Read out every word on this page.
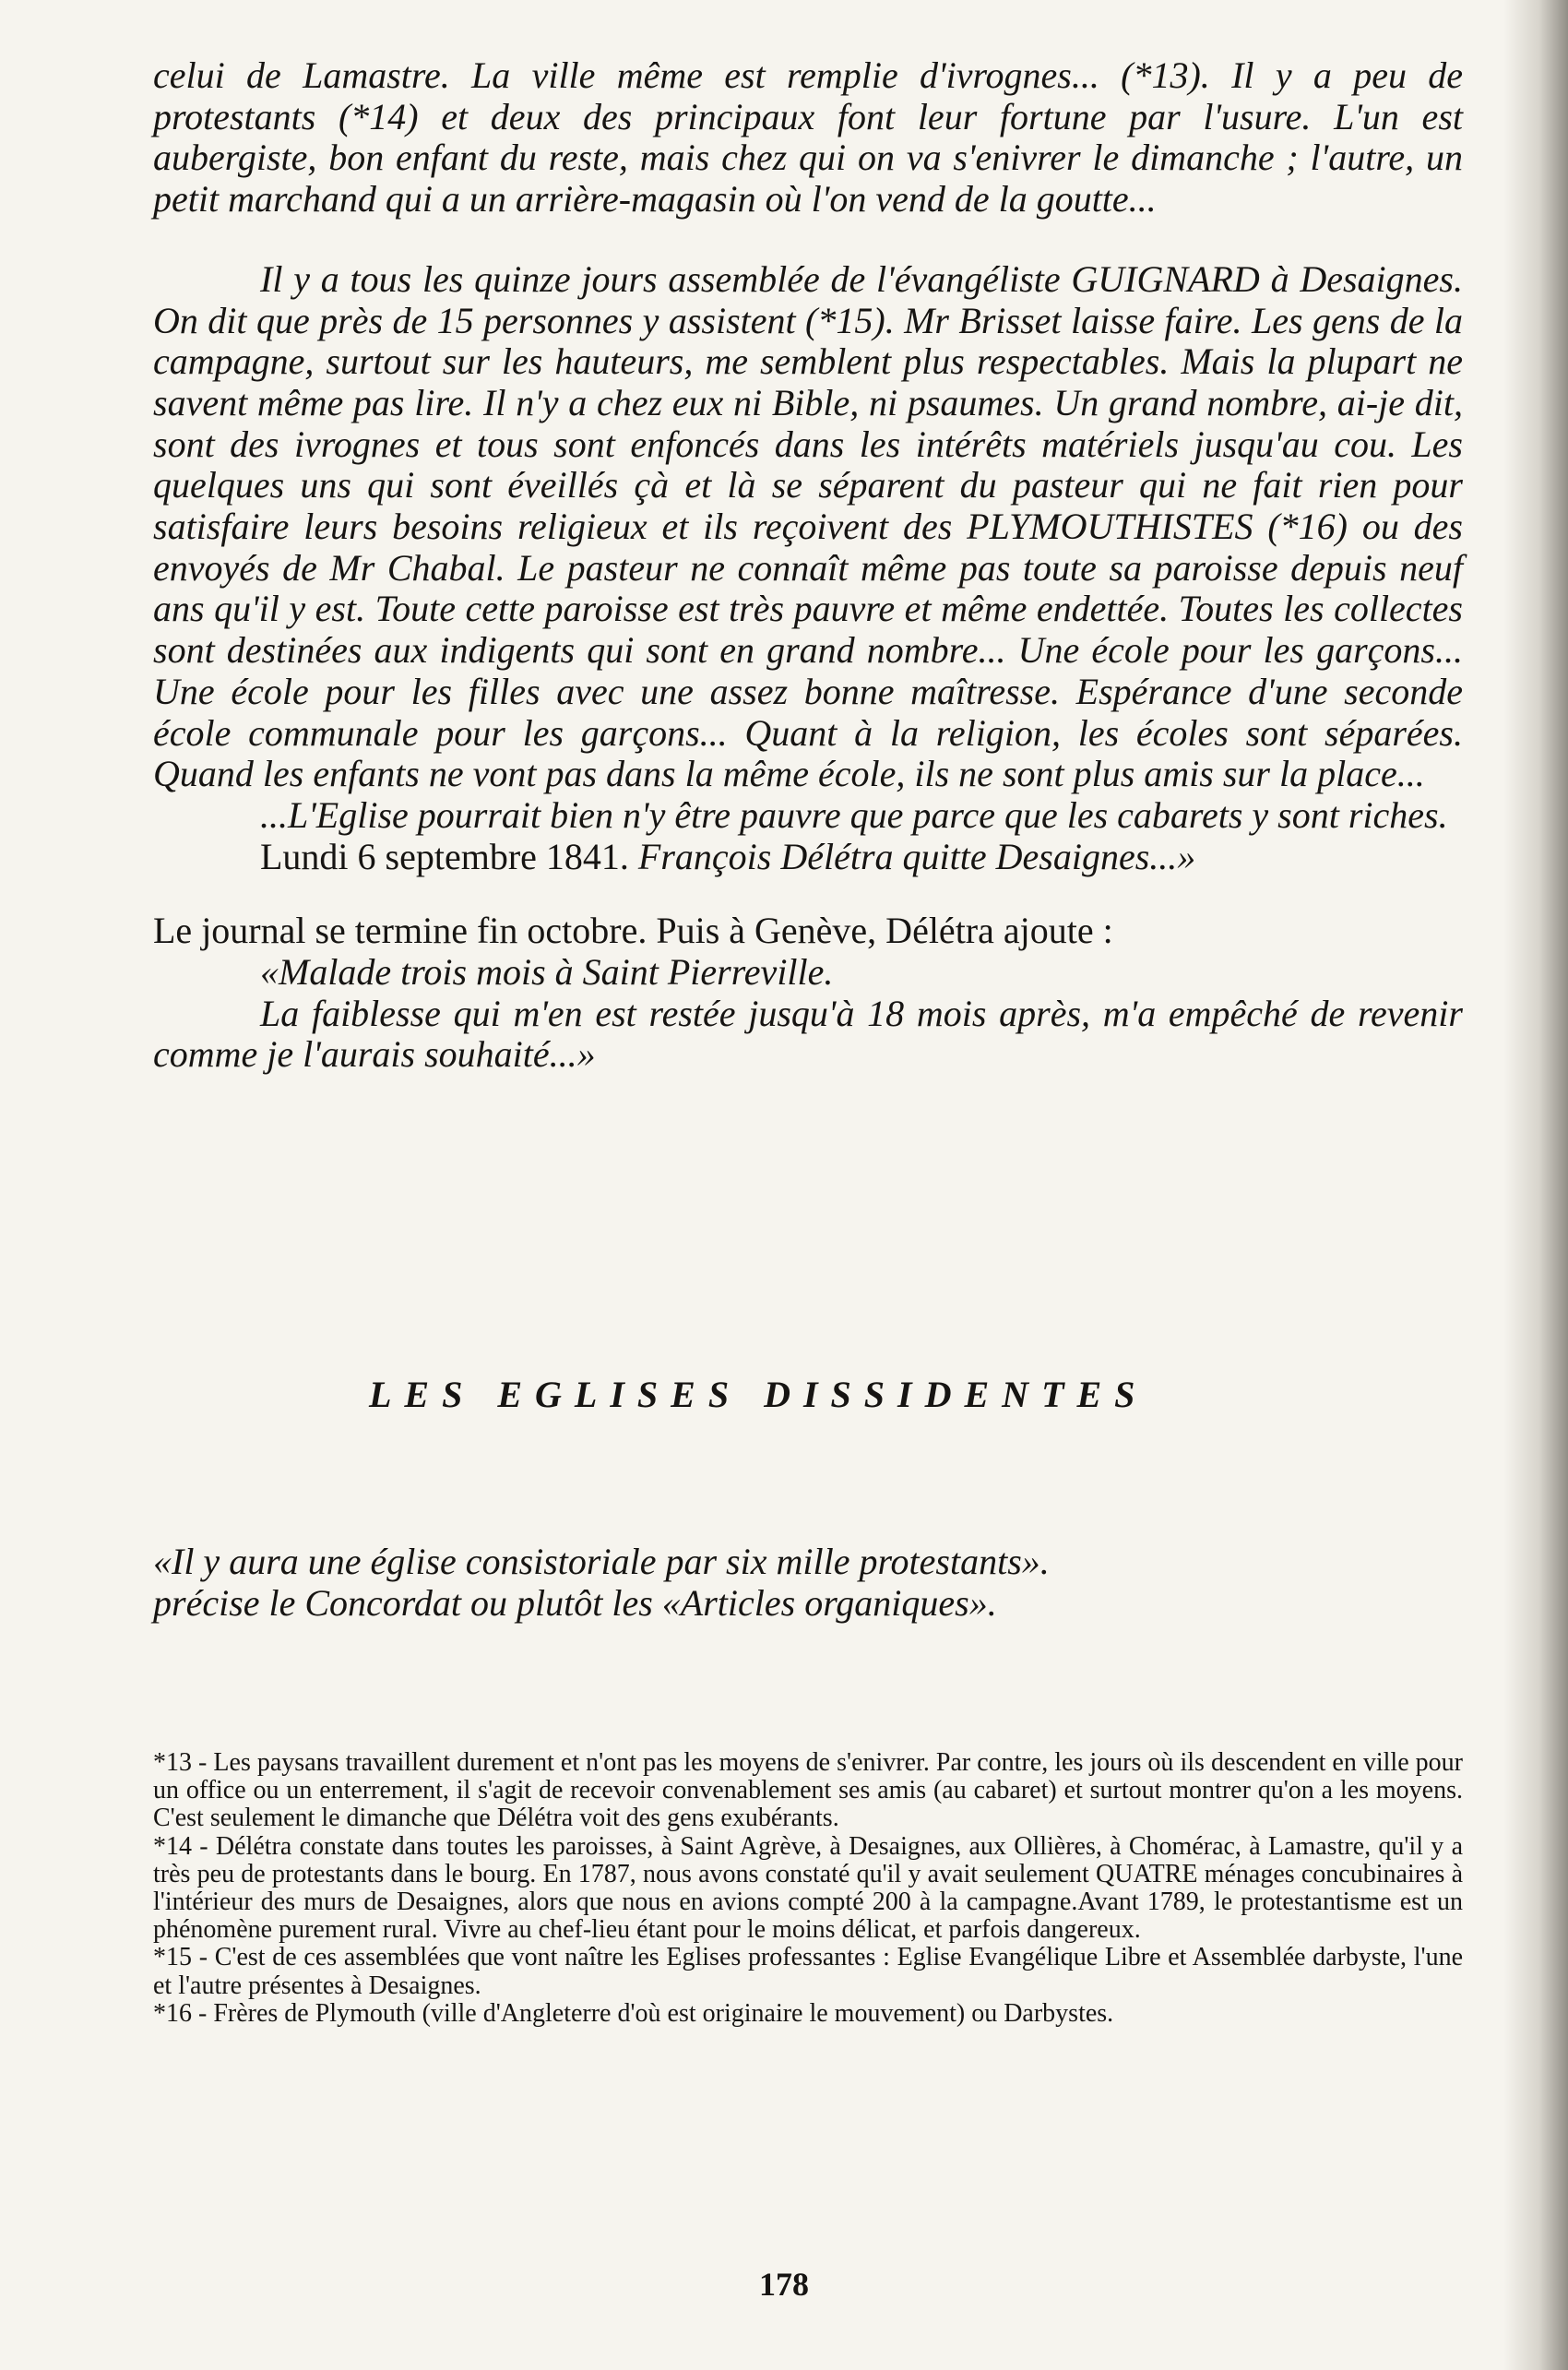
celui de Lamastre. La ville même est remplie d'ivrognes... (*13). Il y a peu de protestants (*14) et deux des principaux font leur fortune par l'usure. L'un est aubergiste, bon enfant du reste, mais chez qui on va s'enivrer le dimanche ; l'autre, un petit marchand qui a un arrière-magasin où l'on vend de la goutte...

Il y a tous les quinze jours assemblée de l'évangéliste GUIGNARD à Desaignes. On dit que près de 15 personnes y assistent (*15). Mr Brisset laisse faire. Les gens de la campagne, surtout sur les hauteurs, me semblent plus respectables. Mais la plupart ne savent même pas lire. Il n'y a chez eux ni Bible, ni psaumes. Un grand nombre, ai-je dit, sont des ivrognes et tous sont enfoncés dans les intérêts matériels jusqu'au cou. Les quelques uns qui sont éveillés çà et là se séparent du pasteur qui ne fait rien pour satisfaire leurs besoins religieux et ils reçoivent des PLYMOUTHISTES (*16) ou des envoyés de Mr Chabal. Le pasteur ne connaît même pas toute sa paroisse depuis neuf ans qu'il y est. Toute cette paroisse est très pauvre et même endettée. Toutes les collectes sont destinées aux indigents qui sont en grand nombre... Une école pour les garçons... Une école pour les filles avec une assez bonne maîtresse. Espérance d'une seconde école communale pour les garçons... Quant à la religion, les écoles sont séparées. Quand les enfants ne vont pas dans la même école, ils ne sont plus amis sur la place...

...L'Eglise pourrait bien n'y être pauvre que parce que les cabarets y sont riches.

Lundi 6 septembre 1841. François Délétra quitte Desaignes...»

Le journal se termine fin octobre. Puis à Genève, Délétra ajoute :

«Malade trois mois à Saint Pierreville.

La faiblesse qui m'en est restée jusqu'à 18 mois après, m'a empêché de revenir comme je l'aurais souhaité...»

LES EGLISES DISSIDENTES

«Il y aura une église consistoriale par six mille protestants».

précise le Concordat ou plutôt les «Articles organiques».

*13 - Les paysans travaillent durement et n'ont pas les moyens de s'enivrer. Par contre, les jours où ils descendent en ville pour un office ou un enterrement, il s'agit de recevoir convenablement ses amis (au cabaret) et surtout montrer qu'on a les moyens. C'est seulement le dimanche que Délétra voit des gens exubérants.

*14 - Délétra constate dans toutes les paroisses, à Saint Agrève, à Desaignes, aux Ollières, à Chomérac, à Lamastre, qu'il y a très peu de protestants dans le bourg. En 1787, nous avons constaté qu'il y avait seulement QUATRE ménages concubinaires à l'intérieur des murs de Desaignes, alors que nous en avions compté 200 à la campagne.Avant 1789, le protestantisme est un phénomène purement rural. Vivre au chef-lieu étant pour le moins délicat, et parfois dangereux.

*15 - C'est de ces assemblées que vont naître les Eglises professantes : Eglise Evangélique Libre et Assemblée darbyste, l'une et l'autre présentes à Desaignes.

*16 - Frères de Plymouth (ville d'Angleterre d'où est originaire le mouvement) ou Darbystes.

178
